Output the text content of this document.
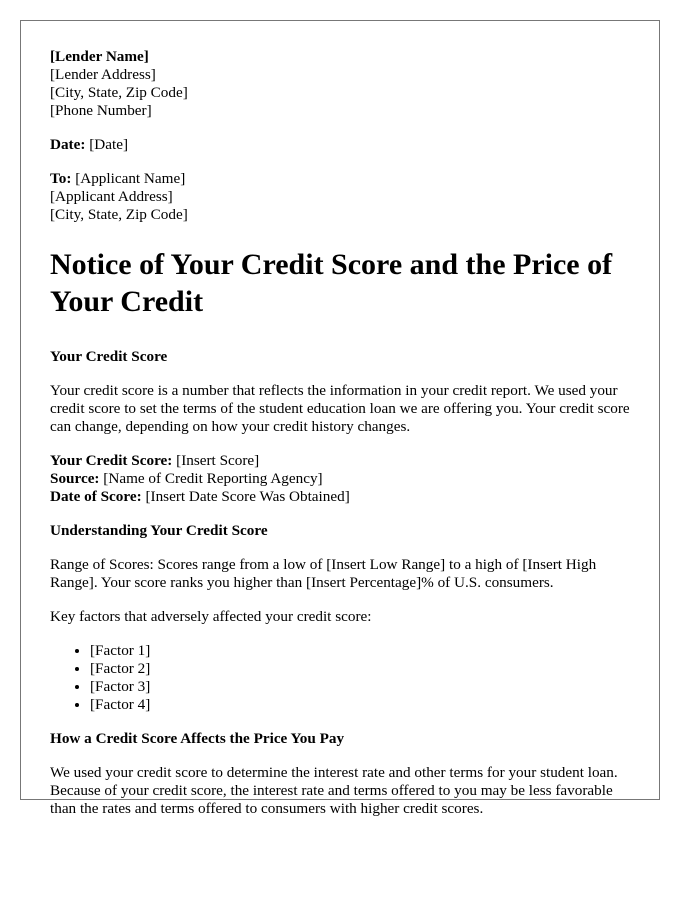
[Lender Name]
[Lender Address]
[City, State, Zip Code]
[Phone Number]
Date: [Date]
To: [Applicant Name]
[Applicant Address]
[City, State, Zip Code]
Notice of Your Credit Score and the Price of Your Credit
Your Credit Score

Your credit score is a number that reflects the information in your credit report. We used your credit score to set the terms of the student education loan we are offering you. Your credit score can change, depending on how your credit history changes.

Your Credit Score: [Insert Score]
Source: [Name of Credit Reporting Agency]
Date of Score: [Insert Date Score Was Obtained]
Understanding Your Credit Score

Range of Scores: Scores range from a low of [Insert Low Range] to a high of [Insert High Range]. Your score ranks you higher than [Insert Percentage]% of U.S. consumers.

Key factors that adversely affected your credit score:

• [Factor 1]
• [Factor 2]
• [Factor 3]
• [Factor 4]
How a Credit Score Affects the Price You Pay

We used your credit score to determine the interest rate and other terms for your student loan. Because of your credit score, the interest rate and terms offered to you may be less favorable than the rates and terms offered to consumers with higher credit scores.
